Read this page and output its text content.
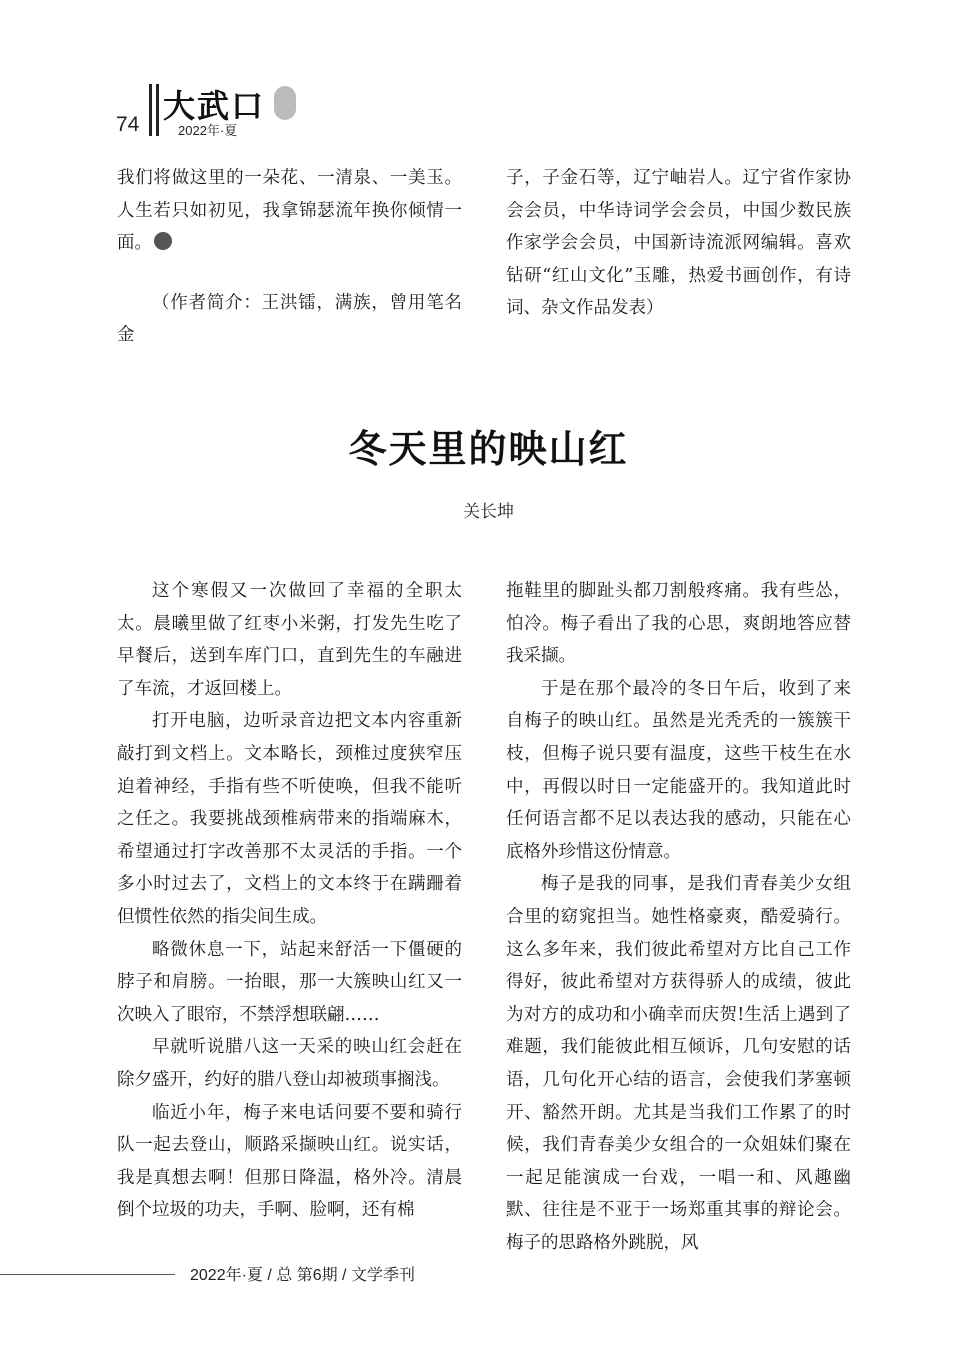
74 大武口
2022年·夏

我们将做这里的一朵花、一清泉、一美玉。人生若只如初见，我拿锦瑟流年换你倾情一面。

（作者简介：王洪镭，满族，曾用笔名金

子，子金石等，辽宁岫岩人。辽宁省作家协会会员，中华诗词学会会员，中国少数民族作家学会会员，中国新诗流派网编辑。喜欢钻研“红山文化”玉雕，热爱书画创作，有诗词、杂文作品发表）

冬天里的映山红
关长坤

这个寒假又一次做回了幸福的全职太太。晨曦里做了红枣小米粥，打发先生吃了早餐后，送到车库门口，直到先生的车融进了车流，才返回楼上。

打开电脑，边听录音边把文本内容重新敲打到文档上。文本略长，颈椎过度狭窄压迫着神经，手指有些不听使唤，但我不能听之任之。我要挑战颈椎病带来的指端麻木，希望通过打字改善那不太灵活的手指。一个多小时过去了，文档上的文本终于在蹒跚着但惯性依然的指尖间生成。

略微休息一下，站起来舒活一下僵硬的脖子和肩膀。一抬眼，那一大簇映山红又一次映入了眼帘，不禁浮想联翩……

早就听说腊八这一天采的映山红会赶在除夕盛开，约好的腊八登山却被琐事搁浅。

临近小年，梅子来电话问要不要和骑行队一起去登山，顺路采撷映山红。说实话，我是真想去啊！但那日降温，格外冷。清晨倒个垃圾的功夫，手啊、脸啊，还有棉

拖鞋里的脚趾头都刀割般疼痛。我有些怂，怕冷。梅子看出了我的心思，爽朗地答应替我采撷。

于是在那个最冷的冬日午后，收到了来自梅子的映山红。虽然是光秃秃的一簇簇干枝，但梅子说只要有温度，这些干枝生在水中，再假以时日一定能盛开的。我知道此时任何语言都不足以表达我的感动，只能在心底格外珍惜这份情意。

梅子是我的同事，是我们青春美少女组合里的窈窕担当。她性格豪爽，酷爱骑行。这么多年来，我们彼此希望对方比自己工作得好，彼此希望对方获得骄人的成绩，彼此为对方的成功和小确幸而庆贺!生活上遇到了难题，我们能彼此相互倾诉，几句安慰的话语，几句化开心结的语言，会使我们茅塞顿开、豁然开朗。尤其是当我们工作累了的时候，我们青春美少女组合的一众姐妹们聚在一起足能演成一台戏，一唱一和、风趣幽默、往往是不亚于一场郑重其事的辩论会。梅子的思路格外跳脱，风

2022年·夏 / 总 第6期 / 文学季刊
